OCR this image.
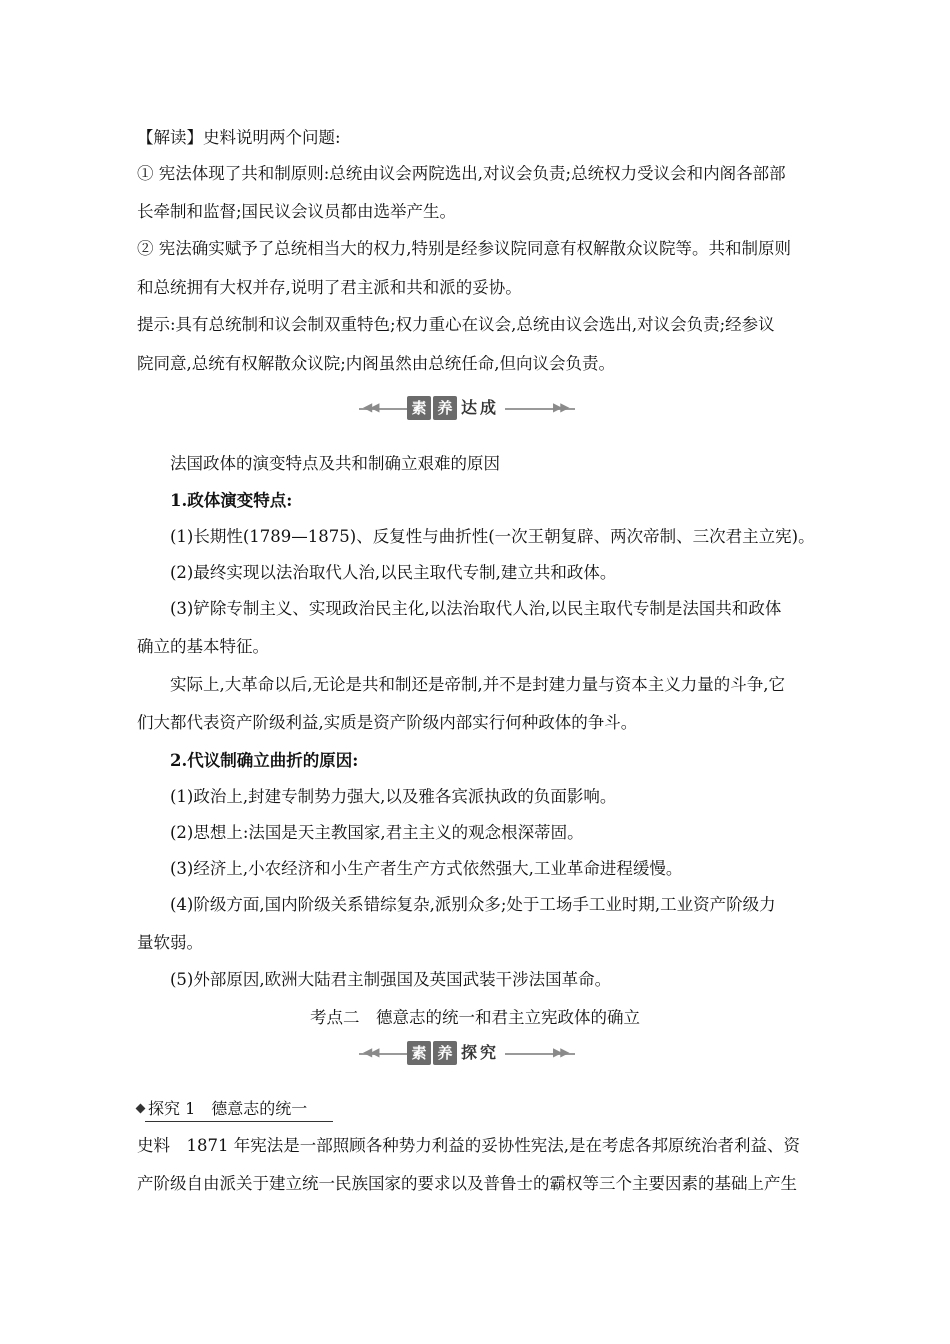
【解读】史料说明两个问题:
① 宪法体现了共和制原则:总统由议会两院选出,对议会负责;总统权力受议会和内阁各部部
长牵制和监督;国民议会议员都由选举产生。
② 宪法确实赋予了总统相当大的权力,特别是经参议院同意有权解散众议院等。共和制原则
和总统拥有大权并存,说明了君主派和共和派的妥协。
提示:具有总统制和议会制双重特色;权力重心在议会,总统由议会选出,对议会负责;经参议
院同意,总统有权解散众议院;内阁虽然由总统任命,但向议会负责。
◀◀ 素 养 达成	▶▶
法国政体的演变特点及共和制确立艰难的原因
1.政体演变特点:
(1)长期性(1789—1875)、反复性与曲折性(一次王朝复辟、两次帝制、三次君主立宪)。
(2)最终实现以法治取代人治,以民主取代专制,建立共和政体。
(3)铲除专制主义、实现政治民主化,以法治取代人治,以民主取代专制是法国共和政体
确立的基本特征。
实际上,大革命以后,无论是共和制还是帝制,并不是封建力量与资本主义力量的斗争,它
们大都代表资产阶级利益,实质是资产阶级内部实行何种政体的争斗。
2.代议制确立曲折的原因:
(1)政治上,封建专制势力强大,以及雅各宾派执政的负面影响。
(2)思想上:法国是天主教国家,君主主义的观念根深蒂固。
(3)经济上,小农经济和小生产者生产方式依然强大,工业革命进程缓慢。
(4)阶级方面,国内阶级关系错综复杂,派别众多;处于工场手工业时期,工业资产阶级力
量软弱。
(5)外部原因,欧洲大陆君主制强国及英国武装干涉法国革命。
考点二　德意志的统一和君主立宪政体的确立
◀◀ 素 养 探究	▶▶
探究 1　德意志的统一
史料　1871 年宪法是一部照顾各种势力利益的妥协性宪法,是在考虑各邦原统治者利益、资
产阶级自由派关于建立统一民族国家的要求以及普鲁士的霸权等三个主要因素的基础上产生
